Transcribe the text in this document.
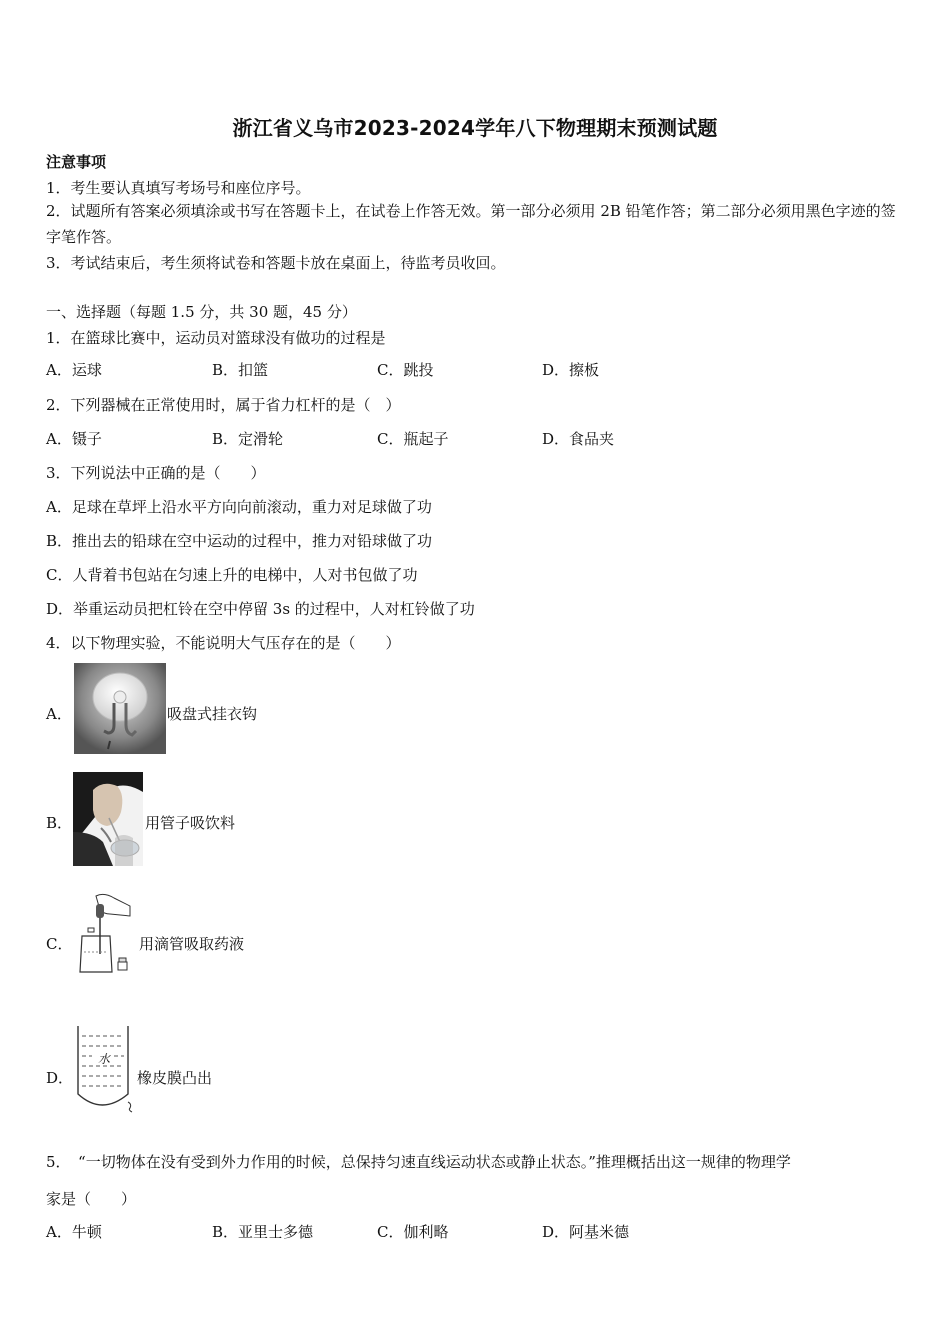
浙江省义乌市2023-2024学年八下物理期末预测试题
注意事项
1．考生要认真填写考场号和座位序号。
2．试题所有答案必须填涂或书写在答题卡上，在试卷上作答无效。第一部分必须用 2B 铅笔作答；第二部分必须用黑色字迹的签字笔作答。
3．考试结束后，考生须将试卷和答题卡放在桌面上，待监考员收回。
一、选择题（每题 1.5 分，共 30 题，45 分）
1．在篮球比赛中，运动员对篮球没有做功的过程是
A．运球	B．扣篮	C．跳投	D．擦板
2．下列器械在正常使用时，属于省力杠杆的是（　）
A．镊子	B．定滑轮	C．瓶起子	D．食品夹
3．下列说法中正确的是（　　）
A．足球在草坪上沿水平方向向前滚动，重力对足球做了功
B．推出去的铅球在空中运动的过程中，推力对铅球做了功
C．人背着书包站在匀速上升的电梯中，人对书包做了功
D．举重运动员把杠铃在空中停留 3s 的过程中，人对杠铃做了功
4．以下物理实验，不能说明大气压存在的是（　　）
A．	吸盘式挂衣钩
B．	用管子吸饮料
C．	用滴管吸取药液
D．
水
橡皮膜凸出
5．　“一切物体在没有受到外力作用的时候，总保持匀速直线运动状态或静止状态。”推理概括出这一规律的物理学
家是（　　）
A．牛顿	B．亚里士多德	C．伽利略	D．阿基米德
